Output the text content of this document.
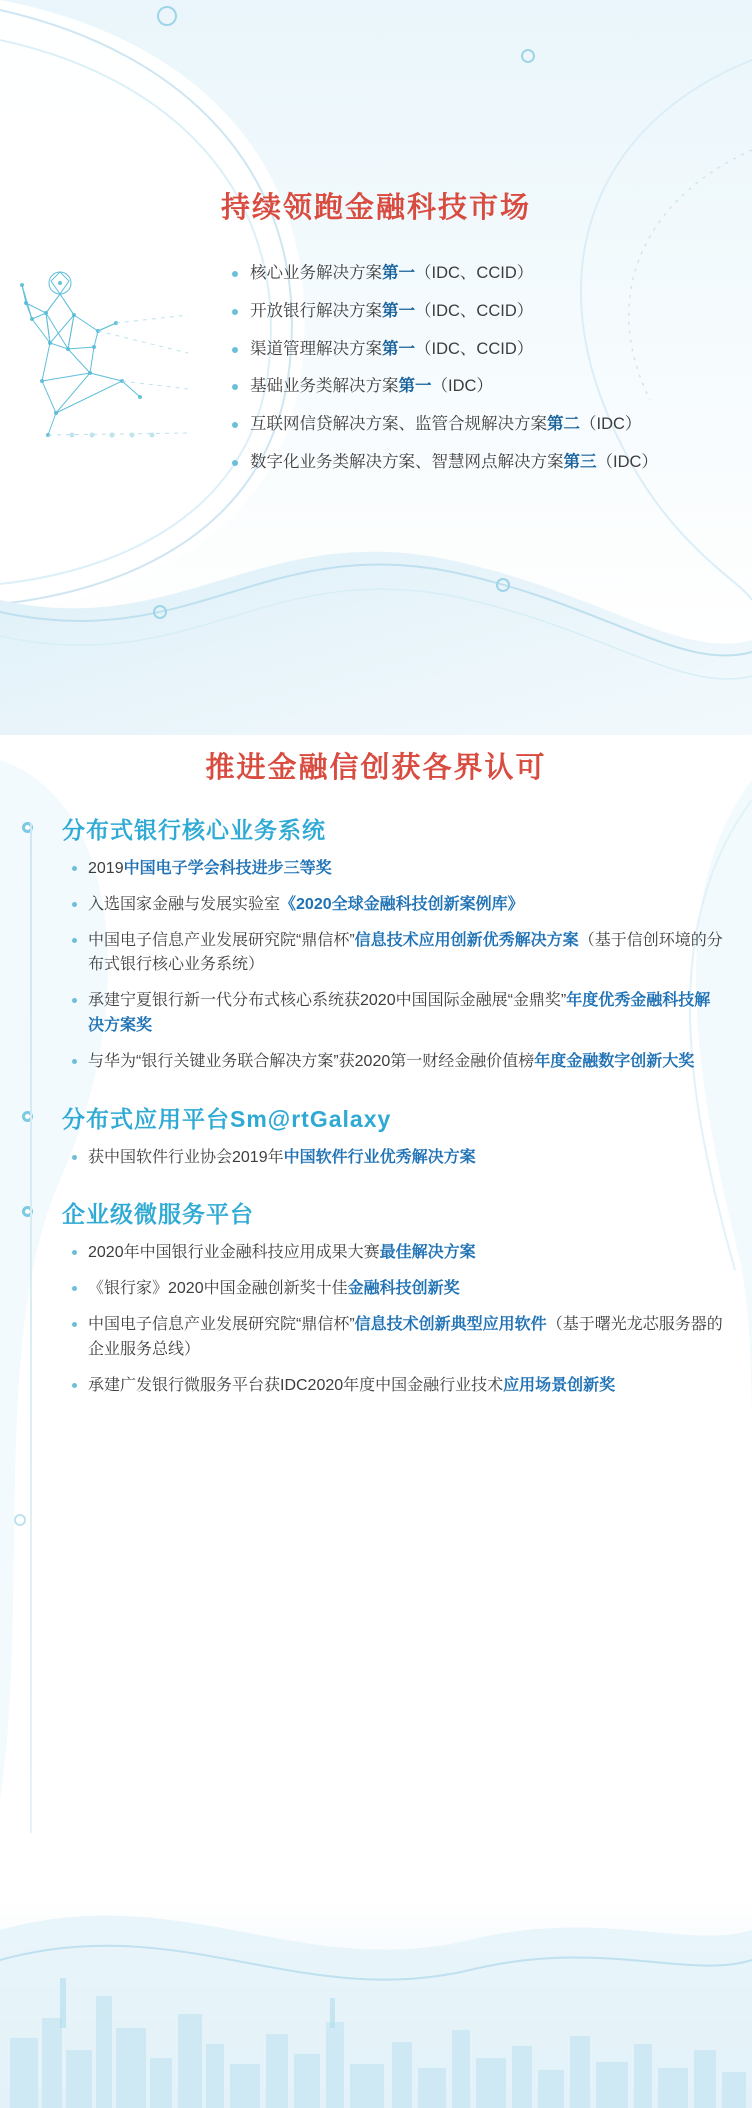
持续领跑金融科技市场
核心业务解决方案第一（IDC、CCID）
开放银行解决方案第一（IDC、CCID）
渠道管理解决方案第一（IDC、CCID）
基础业务类解决方案第一（IDC）
互联网信贷解决方案、监管合规解决方案第二（IDC）
数字化业务类解决方案、智慧网点解决方案第三（IDC）
推进金融信创获各界认可
分布式银行核心业务系统
2019中国电子学会科技进步三等奖
入选国家金融与发展实验室《2020全球金融科技创新案例库》
中国电子信息产业发展研究院“鼎信杯”信息技术应用创新优秀解决方案（基于信创环境的分布式银行核心业务系统）
承建宁夏银行新一代分布式核心系统获2020中国国际金融展“金鼎奖”年度优秀金融科技解决方案奖
与华为“银行关键业务联合解决方案”获2020第一财经金融价值榜年度金融数字创新大奖
分布式应用平台Sm@rtGalaxy
获中国软件行业协会2019年中国软件行业优秀解决方案
企业级微服务平台
2020年中国银行业金融科技应用成果大赛最佳解决方案
《银行家》2020中国金融创新奖十佳金融科技创新奖
中国电子信息产业发展研究院“鼎信杯”信息技术创新典型应用软件（基于曙光龙芯服务器的企业服务总线）
承建广发银行微服务平台获IDC2020年度中国金融行业技术应用场景创新奖
